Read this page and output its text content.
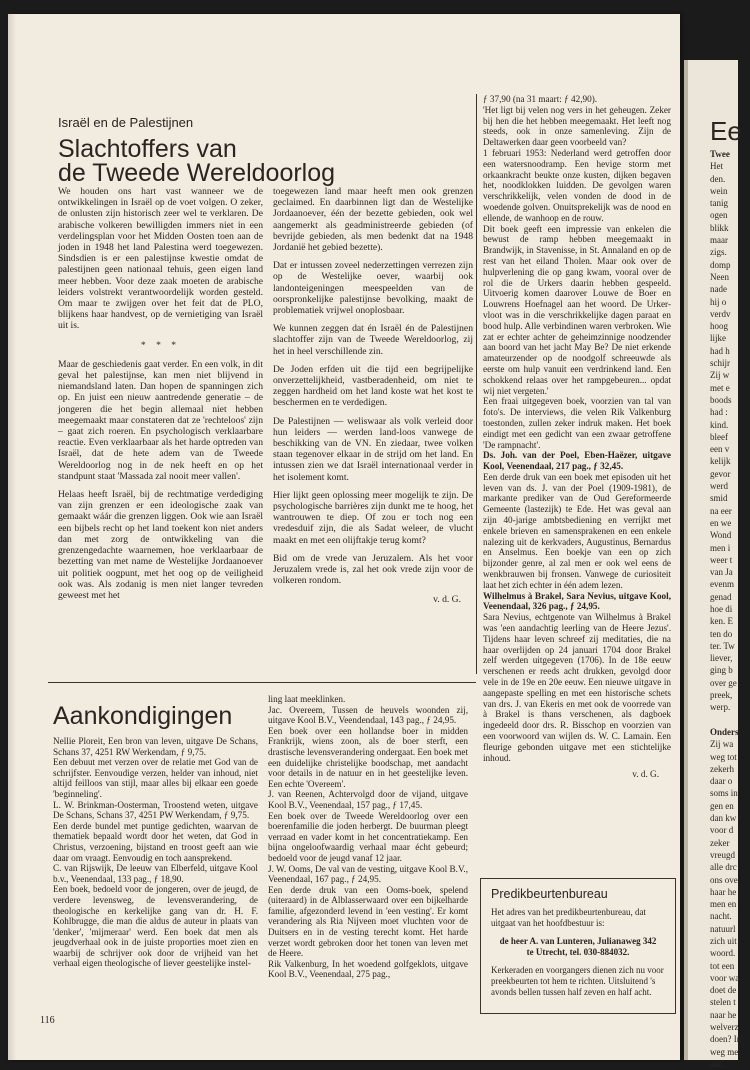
Israël en de Palestijnen
Slachtoffers van
de Tweede Wereldoorlog

We houden ons hart vast wanneer we de ontwikkelingen in Israël op de voet volgen. O zeker, de onlusten zijn historisch zeer wel te verklaren. De arabische volkeren bewilligden immers niet in een verdelingsplan voor het Midden Oosten toen aan de joden in 1948 het land Palestina werd toegewezen. Sindsdien is er een palestijnse kwestie omdat de palestijnen geen nationaal tehuis, geen eigen land meer hebben. Voor deze zaak moeten de arabische leiders volstrekt verantwoordelijk worden gesteld. Om maar te zwijgen over het feit dat de PLO, blijkens haar handvest, op de vernietiging van Israël uit is.

* * *

Maar de geschiedenis gaat verder. En een volk, in dit geval het palestijnse, kan men niet blijvend in niemandsland laten. Dan hopen de spanningen zich op. En juist een nieuw aantredende generatie – de jongeren die het begin allemaal niet hebben meegemaakt maar constateren dat ze 'rechteloos' zijn – gaat zich roeren. En psychologisch verklaarbare reactie. Even verklaarbaar als het harde optreden van Israël, dat de hete adem van de Tweede Wereldoorlog nog in de nek heeft en op het standpunt staat 'Massada zal nooit meer vallen'.

Helaas heeft Israël, bij de rechtmatige verdediging van zijn grenzen er een ideologische zaak van gemaakt wáár die grenzen liggen. Ook wie aan Israël een bijbels recht op het land toekent kon niet anders dan met zorg de ontwikkeling van die grenzengedachte waarnemen, hoe verklaarbaar de bezetting van met name de Westelijke Jordaanoever uit politiek oogpunt, met het oog op de veiligheid ook was. Als zodanig is men niet langer tevreden geweest met het

toegewezen land maar heeft men ook grenzen geclaimed. En daarbinnen ligt dan de Westelijke Jordaanoever, één der bezette gebieden, ook wel aangemerkt als geadministreerde gebieden (of bevrijde gebieden, als men bedenkt dat na 1948 Jordanië het gebied bezette).

Dat er intussen zoveel nederzettingen verrezen zijn op de Westelijke oever, waarbij ook landonteigeningen meespeelden van de oorspronkelijke palestijnse bevolking, maakt de problematiek vrijwel onoplosbaar.

We kunnen zeggen dat én Israël én de Palestijnen slachtoffer zijn van de Tweede Wereldoorlog, zij het in heel verschillende zin.

De Joden erfden uit die tijd een begrijpelijke onverzettelijkheid, vastberadenheid, om niet te zeggen hardheid om het land koste wat het kost te beschermen en te verdedigen.

De Palestijnen — weliswaar als volk verleid door hun leiders — werden land-loos vanwege de beschikking van de VN. En ziedaar, twee volken staan tegenover elkaar in de strijd om het land. En intussen zien we dat Israël internationaal verder in het isolement komt.

Hier lijkt geen oplossing meer mogelijk te zijn. De psychologische barrières zijn dunkt me te hoog, het wantrouwen te diep. Of zou er toch nog een vredesduif zijn, die als Sadat weleer, de vlucht maakt en met een olijftakje terug komt?

Bid om de vrede van Jeruzalem. Als het voor Jeruzalem vrede is, zal het ook vrede zijn voor de volkeren rondom.

v. d. G.

ƒ 37,90 (na 31 maart: ƒ 42,90).

'Het ligt bij velen nog vers in het geheugen. Zeker bij hen die het hebben meegemaakt. Het leeft nog steeds, ook in onze samenleving. Zijn de Deltawerken daar geen voorbeeld van?

1 februari 1953: Nederland werd getroffen door een watersnoodramp. Een hevige storm met orkaankracht beukte onze kusten, dijken begaven het, noodklokken luidden. De gevolgen waren verschrikkelijk, velen vonden de dood in de woedende golven. Onuitsprekelijk was de nood en ellende, de wanhoop en de rouw.

Dit boek geeft een impressie van enkelen die bewust de ramp hebben meegemaakt in Brandwijk, in Stavenisse, in St. Annaland en op de rest van het eiland Tholen. Maar ook over de hulpverlening die op gang kwam, vooral over de rol die de Urkers daarin hebben gespeeld. Uitvoerig komen daarover Louwe de Boer en Louwrens Hoefnagel aan het woord. De Urker-vloot was in die verschrikkelijke dagen paraat en bood hulp. Alle verbindinen waren verbroken. Wie zat er echter achter de geheimzinnige noodzender aan boord van het jacht May Be? De niet erkende amateurzender op de noodgolf schreeuwde als eerste om hulp vanuit een verdrinkend land. Een schokkend relaas over het rampgebeuren... opdat wij niet vergeten.'

Een fraai uitgegeven boek, voorzien van tal van foto's. De interviews, die velen Rik Valkenburg toestonden, zullen zeker indruk maken. Het boek eindigt met een gedicht van een zwaar getroffene 'De rampnacht'.

Ds. Joh. van der Poel, Eben-Haëzer, uitgave Kool, Veenendaal, 217 pag., ƒ 32,45.

Een derde druk van een boek met episoden uit het leven van ds. J. van der Poel (1909-1981), de markante prediker van de Oud Gereformeerde Gemeente (lastezijk) te Ede. Het was geval aan zijn 40-jarige ambtsbediening en verrijkt met enkele brieven en samensprakenen en een enkele nalezing uit de kerkvaders, Augustinus, Bernardus en Anselmus. Een boekje van een op zich bijzonder genre, al zal men er ook wel eens de wenkbrauwen bij fronsen. Vanwege de curiositeit laat het zich echter in één adem lezen.

Wilhelmus à Brakel, Sara Nevius, uitgave Kool, Veenendaal, 326 pag., ƒ 24,95.

Sara Nevius, echtgenote van Wilhelmus à Brakel was 'een aandachtig leerling van de Heere Jezus'. Tijdens haar leven schreef zij meditaties, die na haar overlijden op 24 januari 1704 door Brakel zelf werden uitgegeven (1706). In de 18e eeuw verschenen er reeds acht drukken, gevolgd door vele in de 19e en 20e eeuw. Een nieuwe uitgave in aangepaste spelling en met een historische schets van drs. J. van Ekeris en met ook de voorrede van à Brakel is thans verschenen, als dagboek ingedeeld door drs. R. Bisschop en voorzien van een voorwoord van wijlen ds. W. C. Lamain. Een fleurige gebonden uitgave met een stichtelijke inhoud.

v. d. G.

Aankondigingen

Nellie Ploreit, Een bron van leven, uitgave De Schans, Schans 37, 4251 RW Werkendam, ƒ 9,75.

Een debuut met verzen over de relatie met God van de schrijfster. Eenvoudige verzen, helder van inhoud, niet altijd feilloos van stijl, maar alles bij elkaar een goede 'beginneling'.

L. W. Brinkman-Oosterman, Troostend weten, uitgave De Schans, Schans 37, 4251 PW Werkendam, ƒ 9,75.

Een derde bundel met puntige gedichten, waarvan de thematiek bepaald wordt door het weten, dat God in Christus, verzoening, bijstand en troost geeft aan wie daar om vraagt. Eenvoudig en toch aansprekend.

C. van Rijswijk, De leeuw van Elberfeld, uitgave Kool b.v., Veenendaal, 133 pag., ƒ 18,90.

Een boek, bedoeld voor de jongeren, over de jeugd, de verdere levensweg, de levensverandering, de theologische en kerkelijke gang van dr. H. F. Kohlbrugge, die man die aldus de auteur in plaats van 'denker', 'mijmeraar' werd. Een boek dat men als jeugdverhaal ook in de juiste proporties moet zien en waarbij de schrijver ook door de vrijheid van het verhaal eigen theologische of liever geestelijke instel-

ling laat meeklinken.

Jac. Overeem, Tussen de heuvels woonden zij, uitgave Kool B.V., Veendendaal, 143 pag., ƒ 24,95.

Een boek over een hollandse boer in midden Frankrijk, wiens zoon, als de boer sterft, een drastische levensverandering ondergaat. Een boek met een duidelijke christelijke boodschap, met aandacht voor details in de natuur en in het geestelijke leven. Een echte 'Overeem'.

J. van Reenen, Achtervolgd door de vijand, uitgave Kool B.V., Veenendaal, 157 pag., ƒ 17,45.

Een boek over de Tweede Wereldoorlog over een boerenfamilie die joden herbergt. De buurman pleegt verraad en vader komt in het concentratiekamp. Een bijna ongeloofwaardig verhaal maar écht gebeurd; bedoeld voor de jeugd vanaf 12 jaar.

J. W. Ooms, De val van de vesting, uitgave Kool B.V., Veenendaal, 167 pag., ƒ 24,95.

Een derde druk van een Ooms-boek, spelend (uiteraard) in de Alblasserwaard over een bijkelharde familie, afgezonderd levend in 'een vesting'. Er komt verandering als Ria Nijveen moet vluchten voor de Duitsers en in de vesting terecht komt. Het harde verzet wordt gebroken door het tonen van leven met de Heere.

Rik Valkenburg, In het woedend golfgeklots, uitgave Kool B.V., Veenendaal, 275 pag.,

Predikbeurtenbureau
Het adres van het predikbeurtenbureau, dat uitgaat van het hoofdbestuur is:
de heer A. van Lunteren, Julianaweg 342
te Utrecht, tel. 030-884032.
Kerkeraden en voorgangers dienen zich nu voor preekbeurten tot hem te richten. Uitsluitend 's avonds bellen tussen half zeven en half acht.
116
Ee
Twee
Het
den.
wein
tanig
ogen
blikk
maar
zigs.
domp
Neen
nade
hij o
verdv
hoog
lijke
had h
schijr
Zij w
met e
boods
had :
kind.
bleef
een v
kelijk
gevor
werd
smid
na eer
en we
Wond
men i
weer t
van Ja
evenm
genad
hoe di
ken. E
ten do
ter. Tw
liever,
ging b
over ge
preek,
werp.

Onders
Zij wa
weg tot
zekerh
daar o
soms in
gen en
dan kw
voor d
zeker
vreugd
alle drc
ons ove
haar he
men en
nacht.
natuurl
zich uit
woord.
tot een
voor wa
doet de
stelen t
naar he
welverz
doen? In
weg me
aan.
